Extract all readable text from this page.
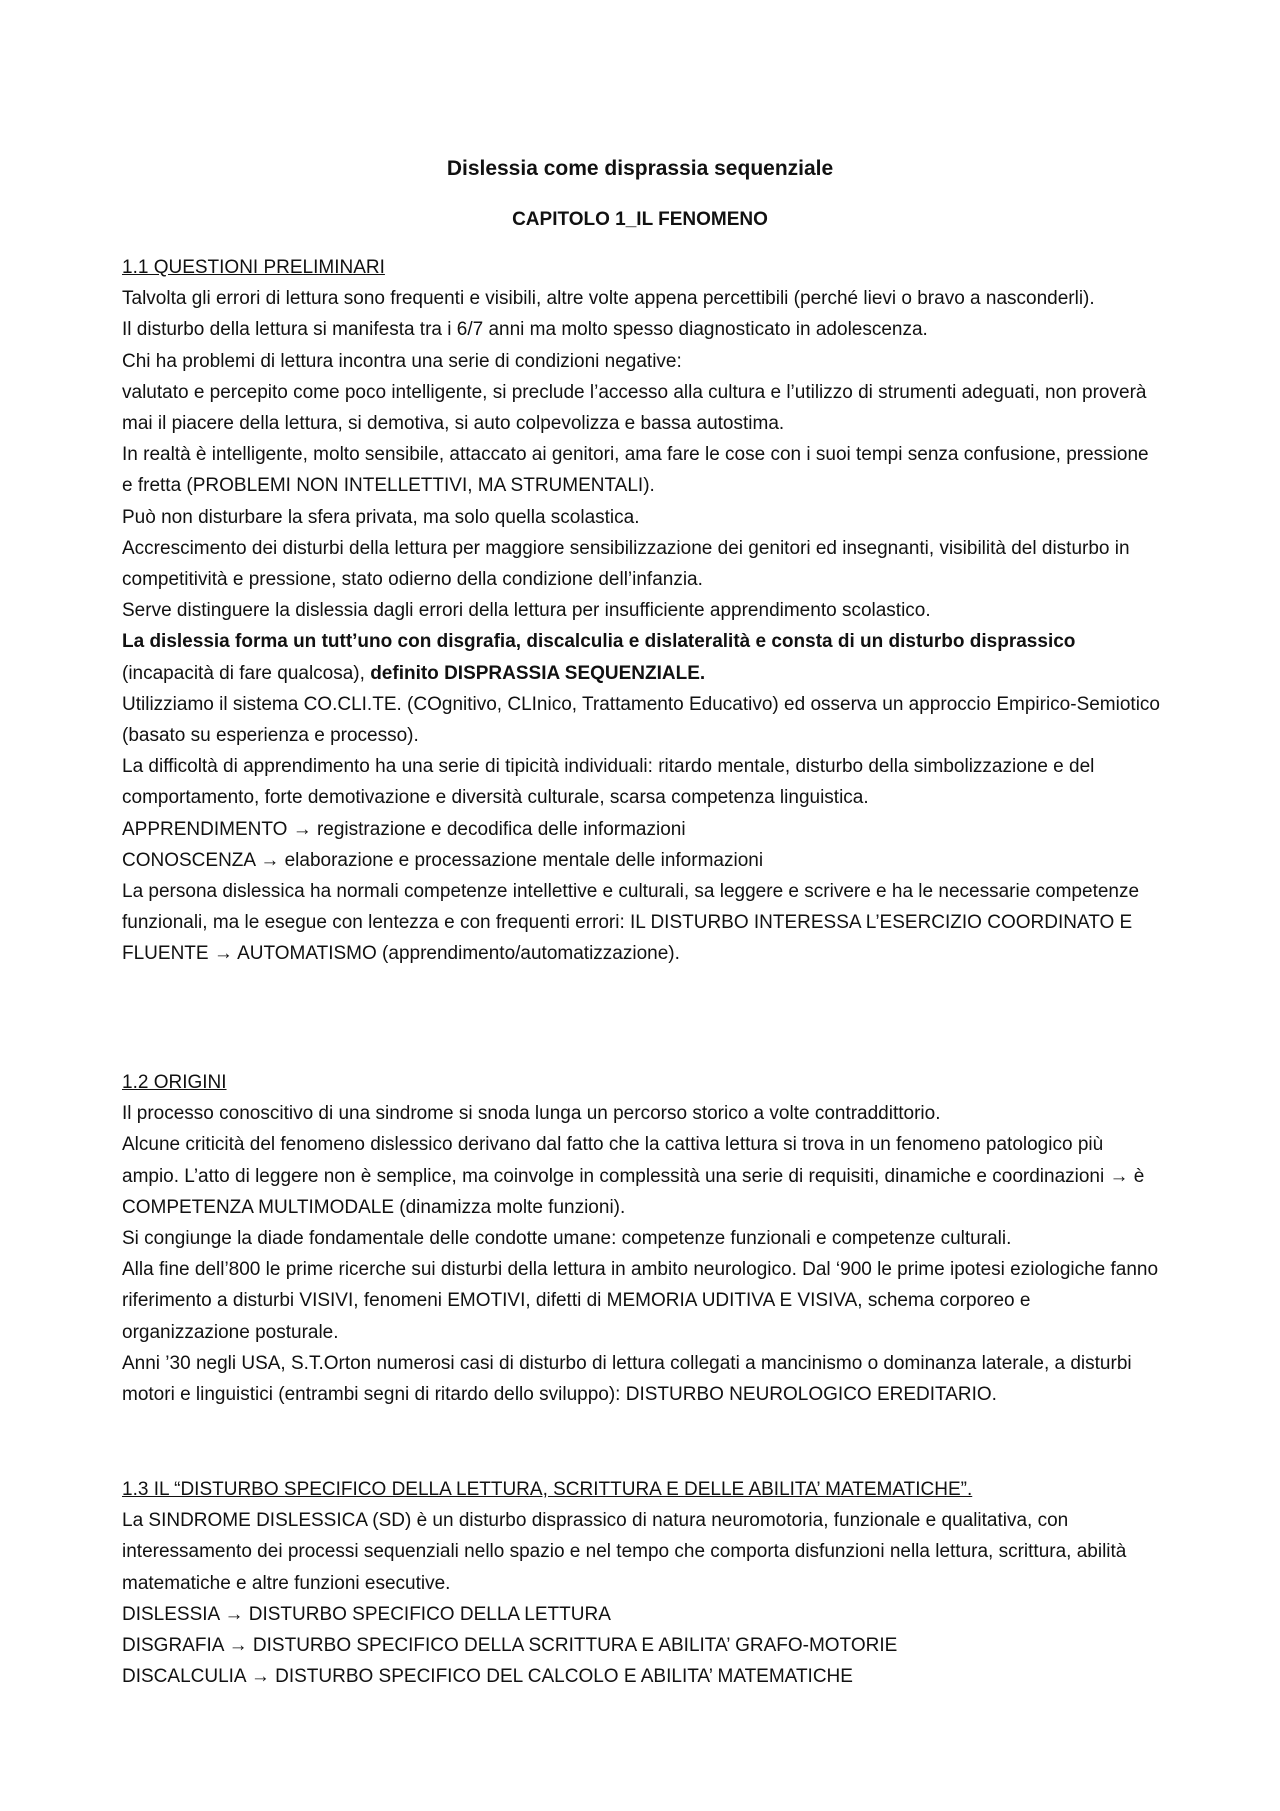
Dislessia come disprassia sequenziale
CAPITOLO 1_IL FENOMENO

1.1 QUESTIONI PRELIMINARI

Talvolta gli errori di lettura sono frequenti e visibili, altre volte appena percettibili (perché lievi o bravo a nasconderli).

Il disturbo della lettura si manifesta tra i 6/7 anni ma molto spesso diagnosticato in adolescenza.

Chi ha problemi di lettura incontra una serie di condizioni negative:

valutato e percepito come poco intelligente, si preclude l’accesso alla cultura e l’utilizzo di strumenti adeguati, non proverà mai il piacere della lettura, si demotiva, si auto colpevolizza e bassa autostima.

In realtà è intelligente, molto sensibile, attaccato ai genitori, ama fare le cose con i suoi tempi senza confusione, pressione e fretta (PROBLEMI NON INTELLETTIVI, MA STRUMENTALI).

Può non disturbare la sfera privata, ma solo quella scolastica.

Accrescimento dei disturbi della lettura per maggiore sensibilizzazione dei genitori ed insegnanti, visibilità del disturbo in competitività e pressione, stato odierno della condizione dell’infanzia.

Serve distinguere la dislessia dagli errori della lettura per insufficiente apprendimento scolastico.

La dislessia forma un tutt’uno con disgrafia, discalculia e dislateralità e consta di un disturbo disprassico (incapacità di fare qualcosa), definito DISPRASSIA SEQUENZIALE.

Utilizziamo il sistema CO.CLI.TE. (COgnitivo, CLInico, Trattamento Educativo) ed osserva un approccio Empirico-Semiotico (basato su esperienza e processo).

La difficoltà di apprendimento ha una serie di tipicità individuali: ritardo mentale, disturbo della simbolizzazione e del comportamento, forte demotivazione e diversità culturale, scarsa competenza linguistica.

APPRENDIMENTO → registrazione e decodifica delle informazioni

CONOSCENZA → elaborazione e processazione mentale delle informazioni

La persona dislessica ha normali competenze intellettive e culturali, sa leggere e scrivere e ha le necessarie competenze funzionali, ma le esegue con lentezza e con frequenti errori: IL DISTURBO INTERESSA L’ESERCIZIO COORDINATO E FLUENTE → AUTOMATISMO (apprendimento/automatizzazione).

1.2 ORIGINI

Il processo conoscitivo di una sindrome si snoda lunga un percorso storico a volte contraddittorio.

Alcune criticità del fenomeno dislessico derivano dal fatto che la cattiva lettura si trova in un fenomeno patologico più ampio. L’atto di leggere non è semplice, ma coinvolge in complessità una serie di requisiti, dinamiche e coordinazioni → è COMPETENZA MULTIMODALE (dinamizza molte funzioni).

Si congiunge la diade fondamentale delle condotte umane: competenze funzionali e competenze culturali.

Alla fine dell’800 le prime ricerche sui disturbi della lettura in ambito neurologico. Dal ‘900 le prime ipotesi eziologiche fanno riferimento a disturbi VISIVI, fenomeni EMOTIVI, difetti di MEMORIA UDITIVA E VISIVA, schema corporeo e organizzazione posturale.

Anni ’30 negli USA, S.T.Orton numerosi casi di disturbo di lettura collegati a mancinismo o dominanza laterale, a disturbi motori e linguistici (entrambi segni di ritardo dello sviluppo): DISTURBO NEUROLOGICO EREDITARIO.

1.3 IL “DISTURBO SPECIFICO DELLA LETTURA, SCRITTURA E DELLE ABILITA’ MATEMATICHE”.

La SINDROME DISLESSICA (SD) è un disturbo disprassico di natura neuromotoria, funzionale e qualitativa, con interessamento dei processi sequenziali nello spazio e nel tempo che comporta disfunzioni nella lettura, scrittura, abilità matematiche e altre funzioni esecutive.

DISLESSIA → DISTURBO SPECIFICO DELLA LETTURA

DISGRAFIA → DISTURBO SPECIFICO DELLA SCRITTURA E ABILITA’ GRAFO-MOTORIE

DISCALCULIA → DISTURBO SPECIFICO DEL CALCOLO E ABILITA’ MATEMATICHE
